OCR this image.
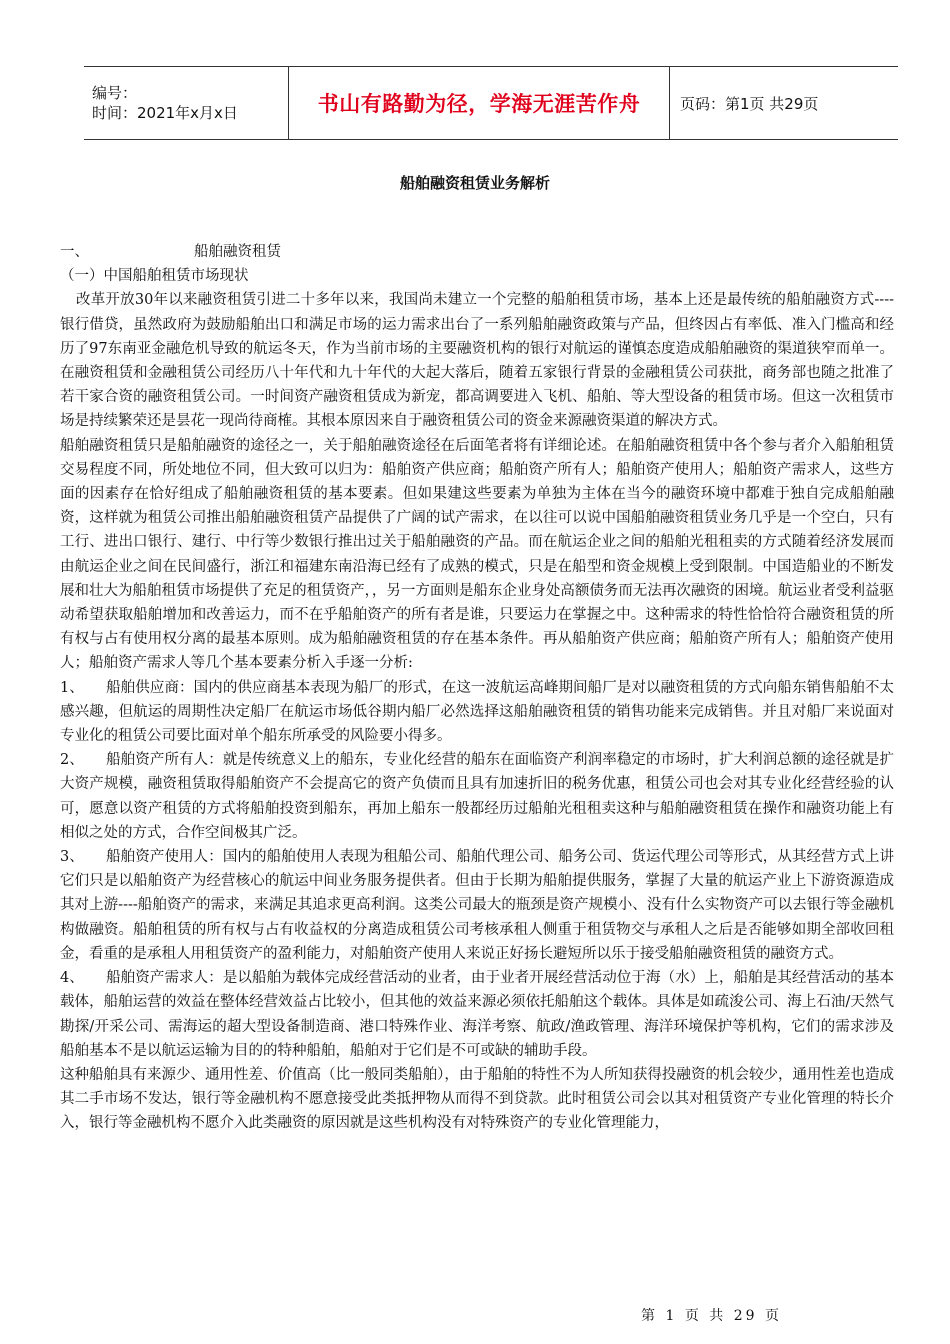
编号：
时间：2021年x月x日	书山有路勤为径，学海无涯苦作舟	页码：第1页 共29页
船舶融资租赁业务解析

一、	船舶融资租赁

（一）中国船舶租赁市场现状

改革开放30年以来融资租赁引进二十多年以来，我国尚未建立一个完整的船舶租赁市场，基本上还是最传统的船舶融资方式----银行借贷，虽然政府为鼓励船舶出口和满足市场的运力需求出台了一系列船舶融资政策与产品，但终因占有率低、准入门槛高和经历了97东南亚金融危机导致的航运冬天，作为当前市场的主要融资机构的银行对航运的谨慎态度造成船舶融资的渠道狭窄而单一。在融资租赁和金融租赁公司经历八十年代和九十年代的大起大落后，随着五家银行背景的金融租赁公司获批，商务部也随之批准了若干家合资的融资租赁公司。一时间资产融资租赁成为新宠，都高调要进入飞机、船舶、等大型设备的租赁市场。但这一次租赁市场是持续繁荣还是昙花一现尚待商榷。其根本原因来自于融资租赁公司的资金来源融资渠道的解决方式。

船舶融资租赁只是船舶融资的途径之一，关于船舶融资途径在后面笔者将有详细论述。在船舶融资租赁中各个参与者介入船舶租赁交易程度不同，所处地位不同，但大致可以归为：船舶资产供应商；船舶资产所有人；船舶资产使用人；船舶资产需求人，这些方面的因素存在恰好组成了船舶融资租赁的基本要素。但如果建这些要素为单独为主体在当今的融资环境中都难于独自完成船舶融资，这样就为租赁公司推出船舶融资租赁产品提供了广阔的试产需求，在以往可以说中国船舶融资租赁业务几乎是一个空白，只有工行、进出口银行、建行、中行等少数银行推出过关于船舶融资的产品。而在航运企业之间的船舶光租租卖的方式随着经济发展而由航运企业之间在民间盛行，浙江和福建东南沿海已经有了成熟的模式，只是在船型和资金规模上受到限制。中国造船业的不断发展和壮大为船舶租赁市场提供了充足的租赁资产，，另一方面则是船东企业身处高额债务而无法再次融资的困境。航运业者受利益驱动希望获取船舶增加和改善运力，而不在乎船舶资产的所有者是谁，只要运力在掌握之中。这种需求的特性恰恰符合融资租赁的所有权与占有使用权分离的最基本原则。成为船舶融资租赁的存在基本条件。再从船舶资产供应商；船舶资产所有人；船舶资产使用人；船舶资产需求人等几个基本要素分析入手逐一分析:

1、 船舶供应商：国内的供应商基本表现为船厂的形式，在这一波航运高峰期间船厂是对以融资租赁的方式向船东销售船舶不太感兴趣，但航运的周期性决定船厂在航运市场低谷期内船厂必然选择这船舶融资租赁的销售功能来完成销售。并且对船厂来说面对专业化的租赁公司要比面对单个船东所承受的风险要小得多。

2、 船舶资产所有人：就是传统意义上的船东，专业化经营的船东在面临资产利润率稳定的市场时，扩大利润总额的途径就是扩大资产规模，融资租赁取得船舶资产不会提高它的资产负债而且具有加速折旧的税务优惠，租赁公司也会对其专业化经营经验的认可，愿意以资产租赁的方式将船舶投资到船东，再加上船东一般都经历过船舶光租租卖这种与船舶融资租赁在操作和融资功能上有相似之处的方式，合作空间极其广泛。

3、 船舶资产使用人：国内的船舶使用人表现为租船公司、船舶代理公司、船务公司、货运代理公司等形式，从其经营方式上讲它们只是以船舶资产为经营核心的航运中间业务服务提供者。但由于长期为船舶提供服务，掌握了大量的航运产业上下游资源造成其对上游----船舶资产的需求，来满足其追求更高利润。这类公司最大的瓶颈是资产规模小、没有什么实物资产可以去银行等金融机构做融资。船舶租赁的所有权与占有收益权的分离造成租赁公司考核承租人侧重于租赁物交与承租人之后是否能够如期全部收回租金，看重的是承租人用租赁资产的盈利能力，对船舶资产使用人来说正好扬长避短所以乐于接受船舶融资租赁的融资方式。

4、 船舶资产需求人：是以船舶为载体完成经营活动的业者，由于业者开展经营活动位于海（水）上，船舶是其经营活动的基本载体，船舶运营的效益在整体经营效益占比较小，但其他的效益来源必须依托船舶这个载体。具体是如疏浚公司、海上石油/天然气勘探/开采公司、需海运的超大型设备制造商、港口特殊作业、海洋考察、航政/渔政管理、海洋环境保护等机构，它们的需求涉及船舶基本不是以航运运输为目的的特种船舶，船舶对于它们是不可或缺的辅助手段。

这种船舶具有来源少、通用性差、价值高（比一般同类船舶），由于船舶的特性不为人所知获得投融资的机会较少，通用性差也造成其二手市场不发达，银行等金融机构不愿意接受此类抵押物从而得不到贷款。此时租赁公司会以其对租赁资产专业化管理的特长介入，银行等金融机构不愿介入此类融资的原因就是这些机构没有对特殊资产的专业化管理能力，

第 1 页 共 29 页
